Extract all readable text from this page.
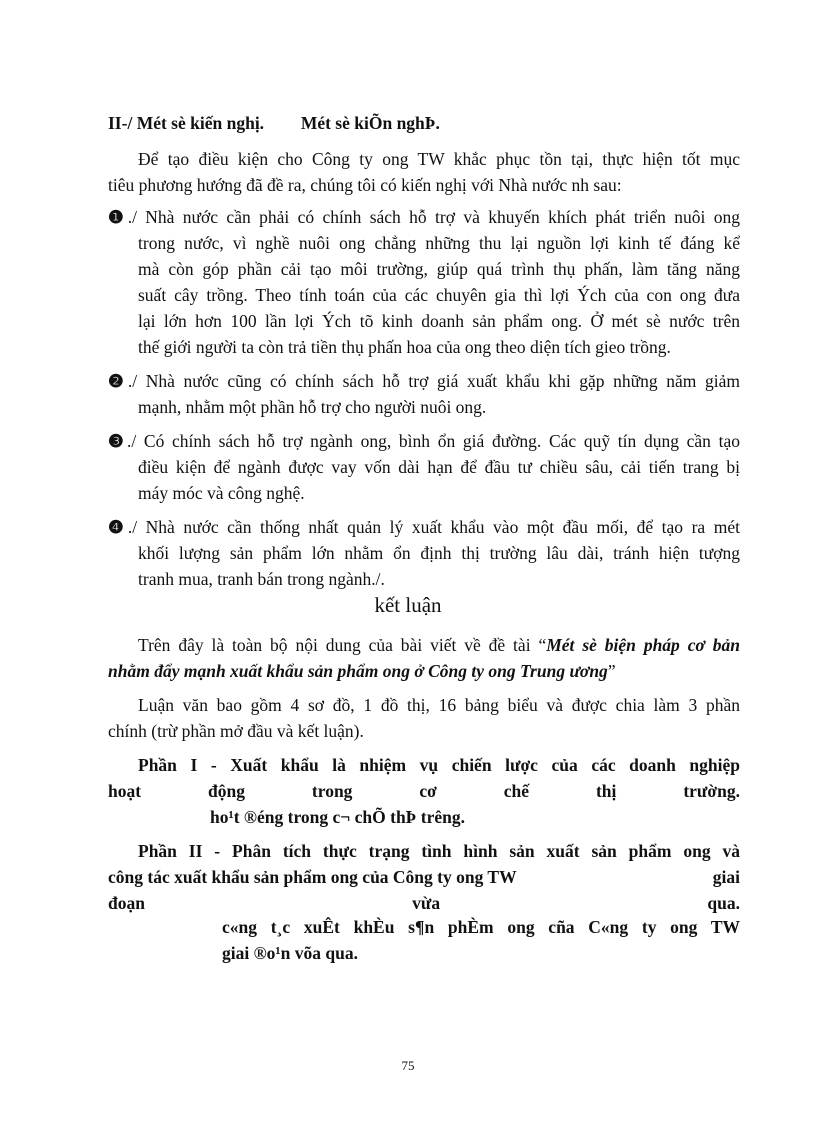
II-/ Mét sè kiến nghị. Mét sè kiÕn nghÞ.
Để tạo điều kiện cho Công ty ong TW khắc phục tồn tại, thực hiện tốt mục
tiêu phương hướng đã đề ra, chúng tôi có kiến nghị với Nhà nước nh sau:
❶./ Nhà nước cần phải có chính sách hỗ trợ và khuyến khích phát triển nuôi ong
trong nước, vì nghề nuôi ong chẳng những thu lại nguồn lợi kinh tế đáng kể
mà còn góp phần cải tạo môi trường, giúp quá trình thụ phấn, làm tăng năng
suất cây trồng. Theo tính toán của các chuyên gia thì lợi Ých của con ong đưa
lại lớn hơn 100 lần lợi Ých tõ kinh doanh sản phẩm ong. Ở mét sè nước trên
thế giới người ta còn trả tiền thụ phấn hoa của ong theo diện tích gieo trồng.
❷./ Nhà nước cũng có chính sách hỗ trợ giá xuất khẩu khi gặp những năm giảm
mạnh, nhằm một phần hỗ trợ cho người nuôi ong.
❸./ Có chính sách hỗ trợ ngành ong, bình ổn giá đường. Các quỹ tín dụng cần tạo
điều kiện để ngành được vay vốn dài hạn để đầu tư chiều sâu, cải tiến trang bị
máy móc và công nghệ.
❹./ Nhà nước cần thống nhất quản lý xuất khẩu vào một đầu mối, để tạo ra mét
khối lượng sản phẩm lớn nhằm ổn định thị trường lâu dài, tránh hiện tượng
tranh mua, tranh bán trong ngành./.
kết luận
Trên đây là toàn bộ nội dung của bài viết về đề tài “Mét sè biện pháp cơ bản
nhằm đẩy mạnh xuất khẩu sản phẩm ong ở Công ty ong Trung ương”
Luận văn bao gồm 4 sơ đồ, 1 đồ thị, 16 bảng biểu và được chia làm 3 phần
chính (trừ phần mở đầu và kết luận).
Phần I - Xuất khẩu là nhiệm vụ chiến lược của các doanh nghiệp
hoạt động trong cơ chế thị trường.
ho¹t ®éng trong c¬ chÕ thÞ trêng.
Phần II - Phân tích thực trạng tình hình sản xuất sản phẩm ong và
công tác xuất khẩu sản phẩm ong của Công ty ong TW	giai
đoạn vừa qua.
c«ng t¸c xuÊt khÈu s¶n phÈm ong cña C«ng ty ong TW
giai ®o¹n võa qua.
75
